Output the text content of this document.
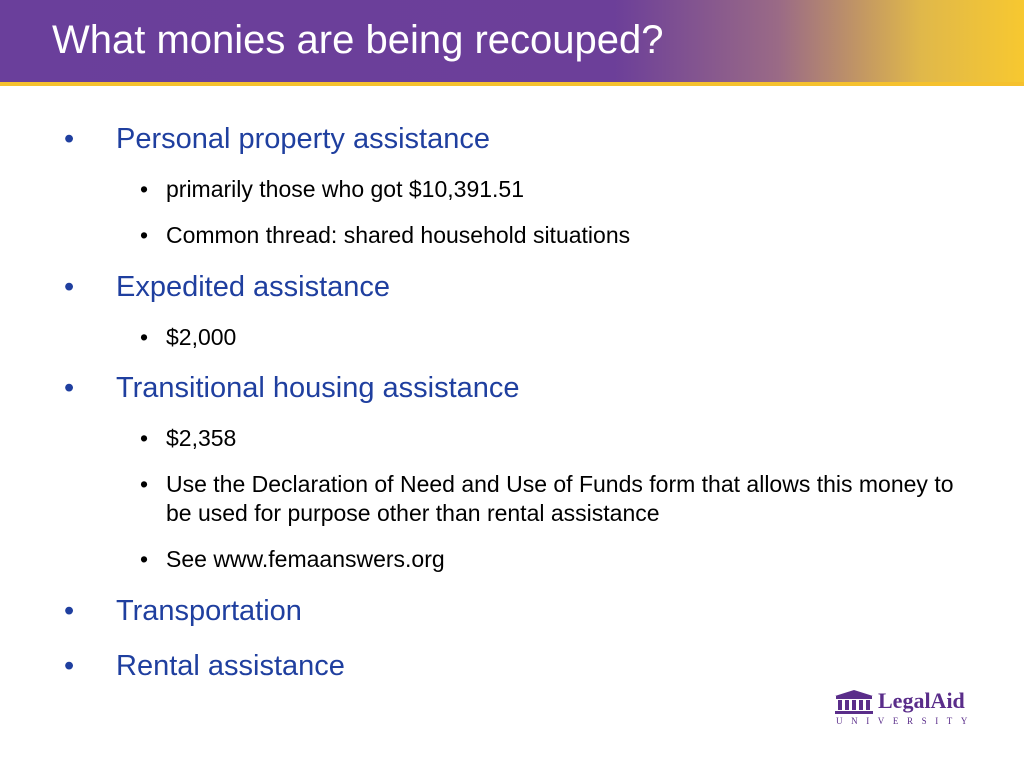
What monies are being recouped?
•	Personal property assistance
• primarily those who got $10,391.51
• Common thread: shared household situations
•	Expedited assistance
• $2,000
•	Transitional housing assistance
• $2,358
• Use the Declaration of Need and Use of Funds form that allows this money to be used for purpose other than rental assistance
• See www.femaanswers.org
•	Transportation
•	Rental assistance
LegalAid
UNIVERSITY
